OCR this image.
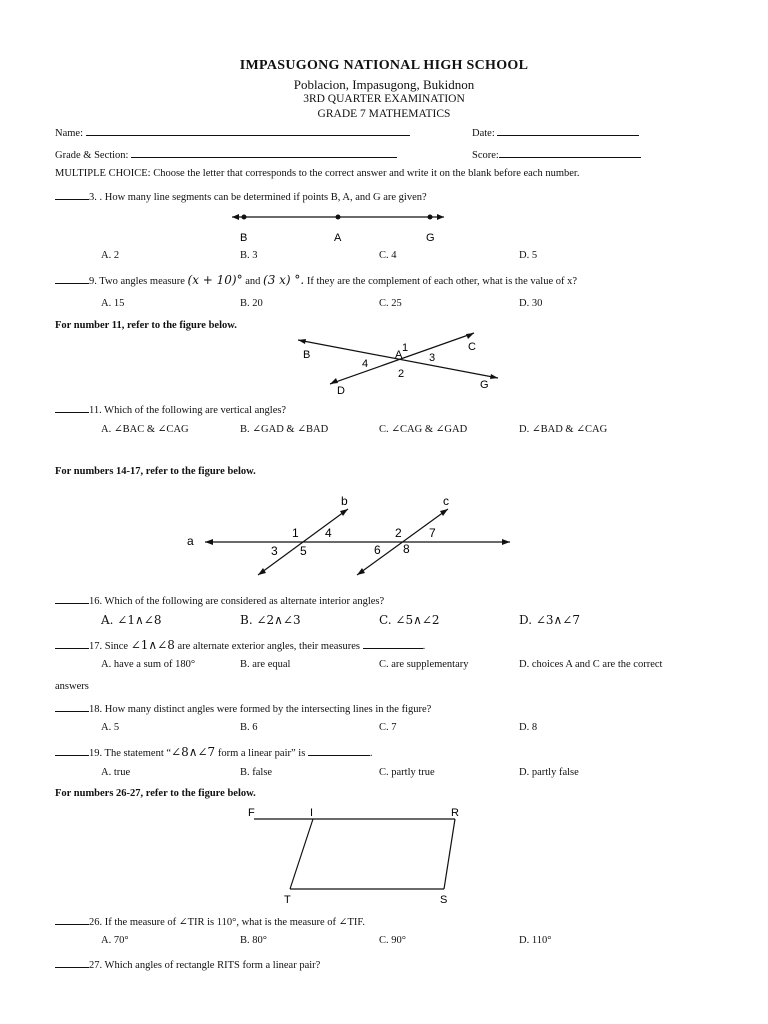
IMPASUGONG NATIONAL HIGH SCHOOL
Poblacion, Impasugong, Bukidnon
3RD QUARTER EXAMINATION
GRADE 7 MATHEMATICS
Name:	Date:
Grade & Section:	Score:
MULTIPLE CHOICE: Choose the letter that corresponds to the correct answer and write it on the blank before each number.
3. . How many line segments can be determined if points B, A, and G are given?
B	A	G
A. 2	B. 3	C. 4	D. 5
9. Two angles measure (x + 10)° and (3 x) °. If they are the complement of each other, what is the value of x?
A. 15	B. 20	C. 25	D. 30
For number 11, refer to the figure below.
B	A
C
D	G
1
2
3
4
11. Which of the following are vertical angles?
A. ∠BAC & ∠CAG	B. ∠GAD & ∠BAD	C. ∠CAG & ∠GAD	D. ∠BAD & ∠CAG
For numbers 14-17, refer to the figure below.
a
b	c
1 4
3 5
2 7
6 8
16. Which of the following are considered as alternate interior angles?
A. ∠1∧∠8	B. ∠2∧∠3	C. ∠5∧∠2	D. ∠3∧∠7
17. Since ∠1∧∠8 are alternate exterior angles, their measures	.
A. have a sum of 180°	B. are equal	C. are supplementary	D. choices A and C are the correct
answers
18. How many distinct angles were formed by the intersecting lines in the figure?
A. 5	B. 6	C. 7	D. 8
19. The statement “∠8∧∠7 form a linear pair” is	.
A. true	B. false	C. partly true	D. partly false
For numbers 26-27, refer to the figure below.
F	I	R
T	S
26. If the measure of ∠TIR is 110°, what is the measure of ∠TIF.
A. 70°	B. 80°	C. 90°	D. 110°
27. Which angles of rectangle RITS form a linear pair?
